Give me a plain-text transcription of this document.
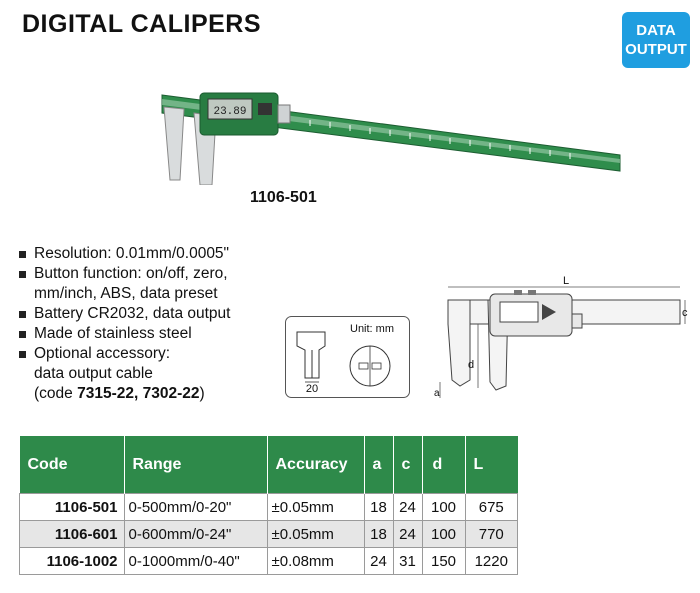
DIGITAL CALIPERS	DATA
OUTPUT
23.89
1106-501
Resolution: 0.01mm/0.0005"
Button function: on/off, zero,
mm/inch, ABS, data preset
Battery CR2032, data output
Made of stainless steel
Optional accessory:
data output cable
(code 7315-22, 7302-22)	20
Unit: mm
L
c
d
a
Code	Range	Accuracy	a	c	d	L
1106-501	0-500mm/0-20"	±0.05mm	18	24	100	675
1106-601	0-600mm/0-24"	±0.05mm	18	24	100	770
1106-1002	0-1000mm/0-40"	±0.08mm	24	31	150	1220
